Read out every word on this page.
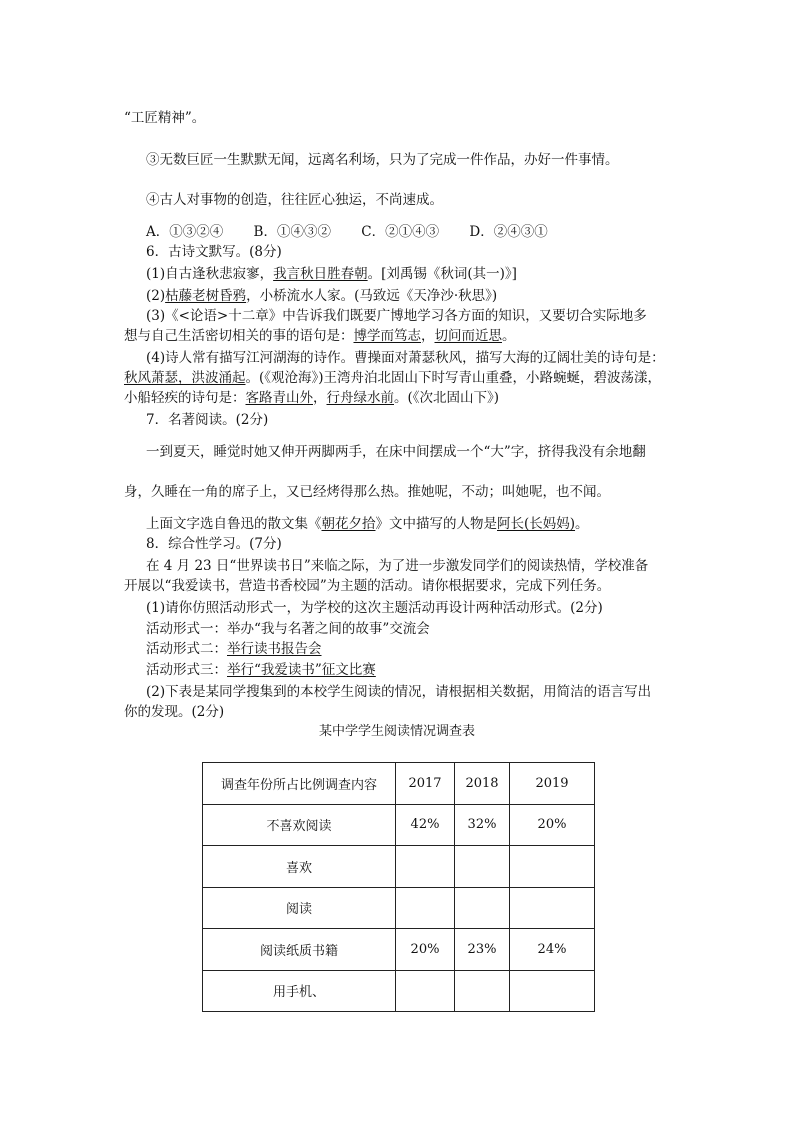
“工匠精神”。
③无数巨匠一生默默无闻，远离名利场，只为了完成一件作品，办好一件事情。
④古人对事物的创造，往往匠心独运，不尚速成。
A．①③②④ B．①④③② C．②①④③ D．②④③①
6．古诗文默写。(8分)
(1)自古逢秋悲寂寥，我言秋日胜春朝。[刘禹锡《秋词(其一)》]
(2)枯藤老树昏鸦，小桥流水人家。(马致远《天净沙·秋思》)
(3)《<论语>十二章》中告诉我们既要广博地学习各方面的知识，又要切合实际地多
想与自己生活密切相关的事的语句是：博学而笃志，切问而近思。
(4)诗人常有描写江河湖海的诗作。曹操面对萧瑟秋风，描写大海的辽阔壮美的诗句是：
秋风萧瑟，洪波涌起。(《观沧海》)王湾舟泊北固山下时写青山重叠，小路蜿蜒，碧波荡漾，
小船轻疾的诗句是：客路青山外，行舟绿水前。(《次北固山下》)
7．名著阅读。(2分)
一到夏天，睡觉时她又伸开两脚两手，在床中间摆成一个“大”字，挤得我没有余地翻
身，久睡在一角的席子上，又已经烤得那么热。推她呢，不动；叫她呢，也不闻。
上面文字选自鲁迅的散文集《朝花夕拾》文中描写的人物是阿长(长妈妈)。
8．综合性学习。(7分)
在 4 月 23 日“世界读书日”来临之际，为了进一步激发同学们的阅读热情，学校准备
开展以“我爱读书，营造书香校园”为主题的活动。请你根据要求，完成下列任务。
(1)请你仿照活动形式一，为学校的这次主题活动再设计两种活动形式。(2分)
活动形式一：举办“我与名著之间的故事”交流会
活动形式二：举行读书报告会
活动形式三：举行“我爱读书”征文比赛
(2)下表是某同学搜集到的本校学生阅读的情况，请根据相关数据，用简洁的语言写出
你的发现。(2分)
某中学学生阅读情况调查表
调查年份所占比例调查内容	2017	2018	2019
不喜欢阅读	42%	32%	20%
喜欢			
阅读			
阅读纸质书籍	20%	23%	24%
用手机、			
